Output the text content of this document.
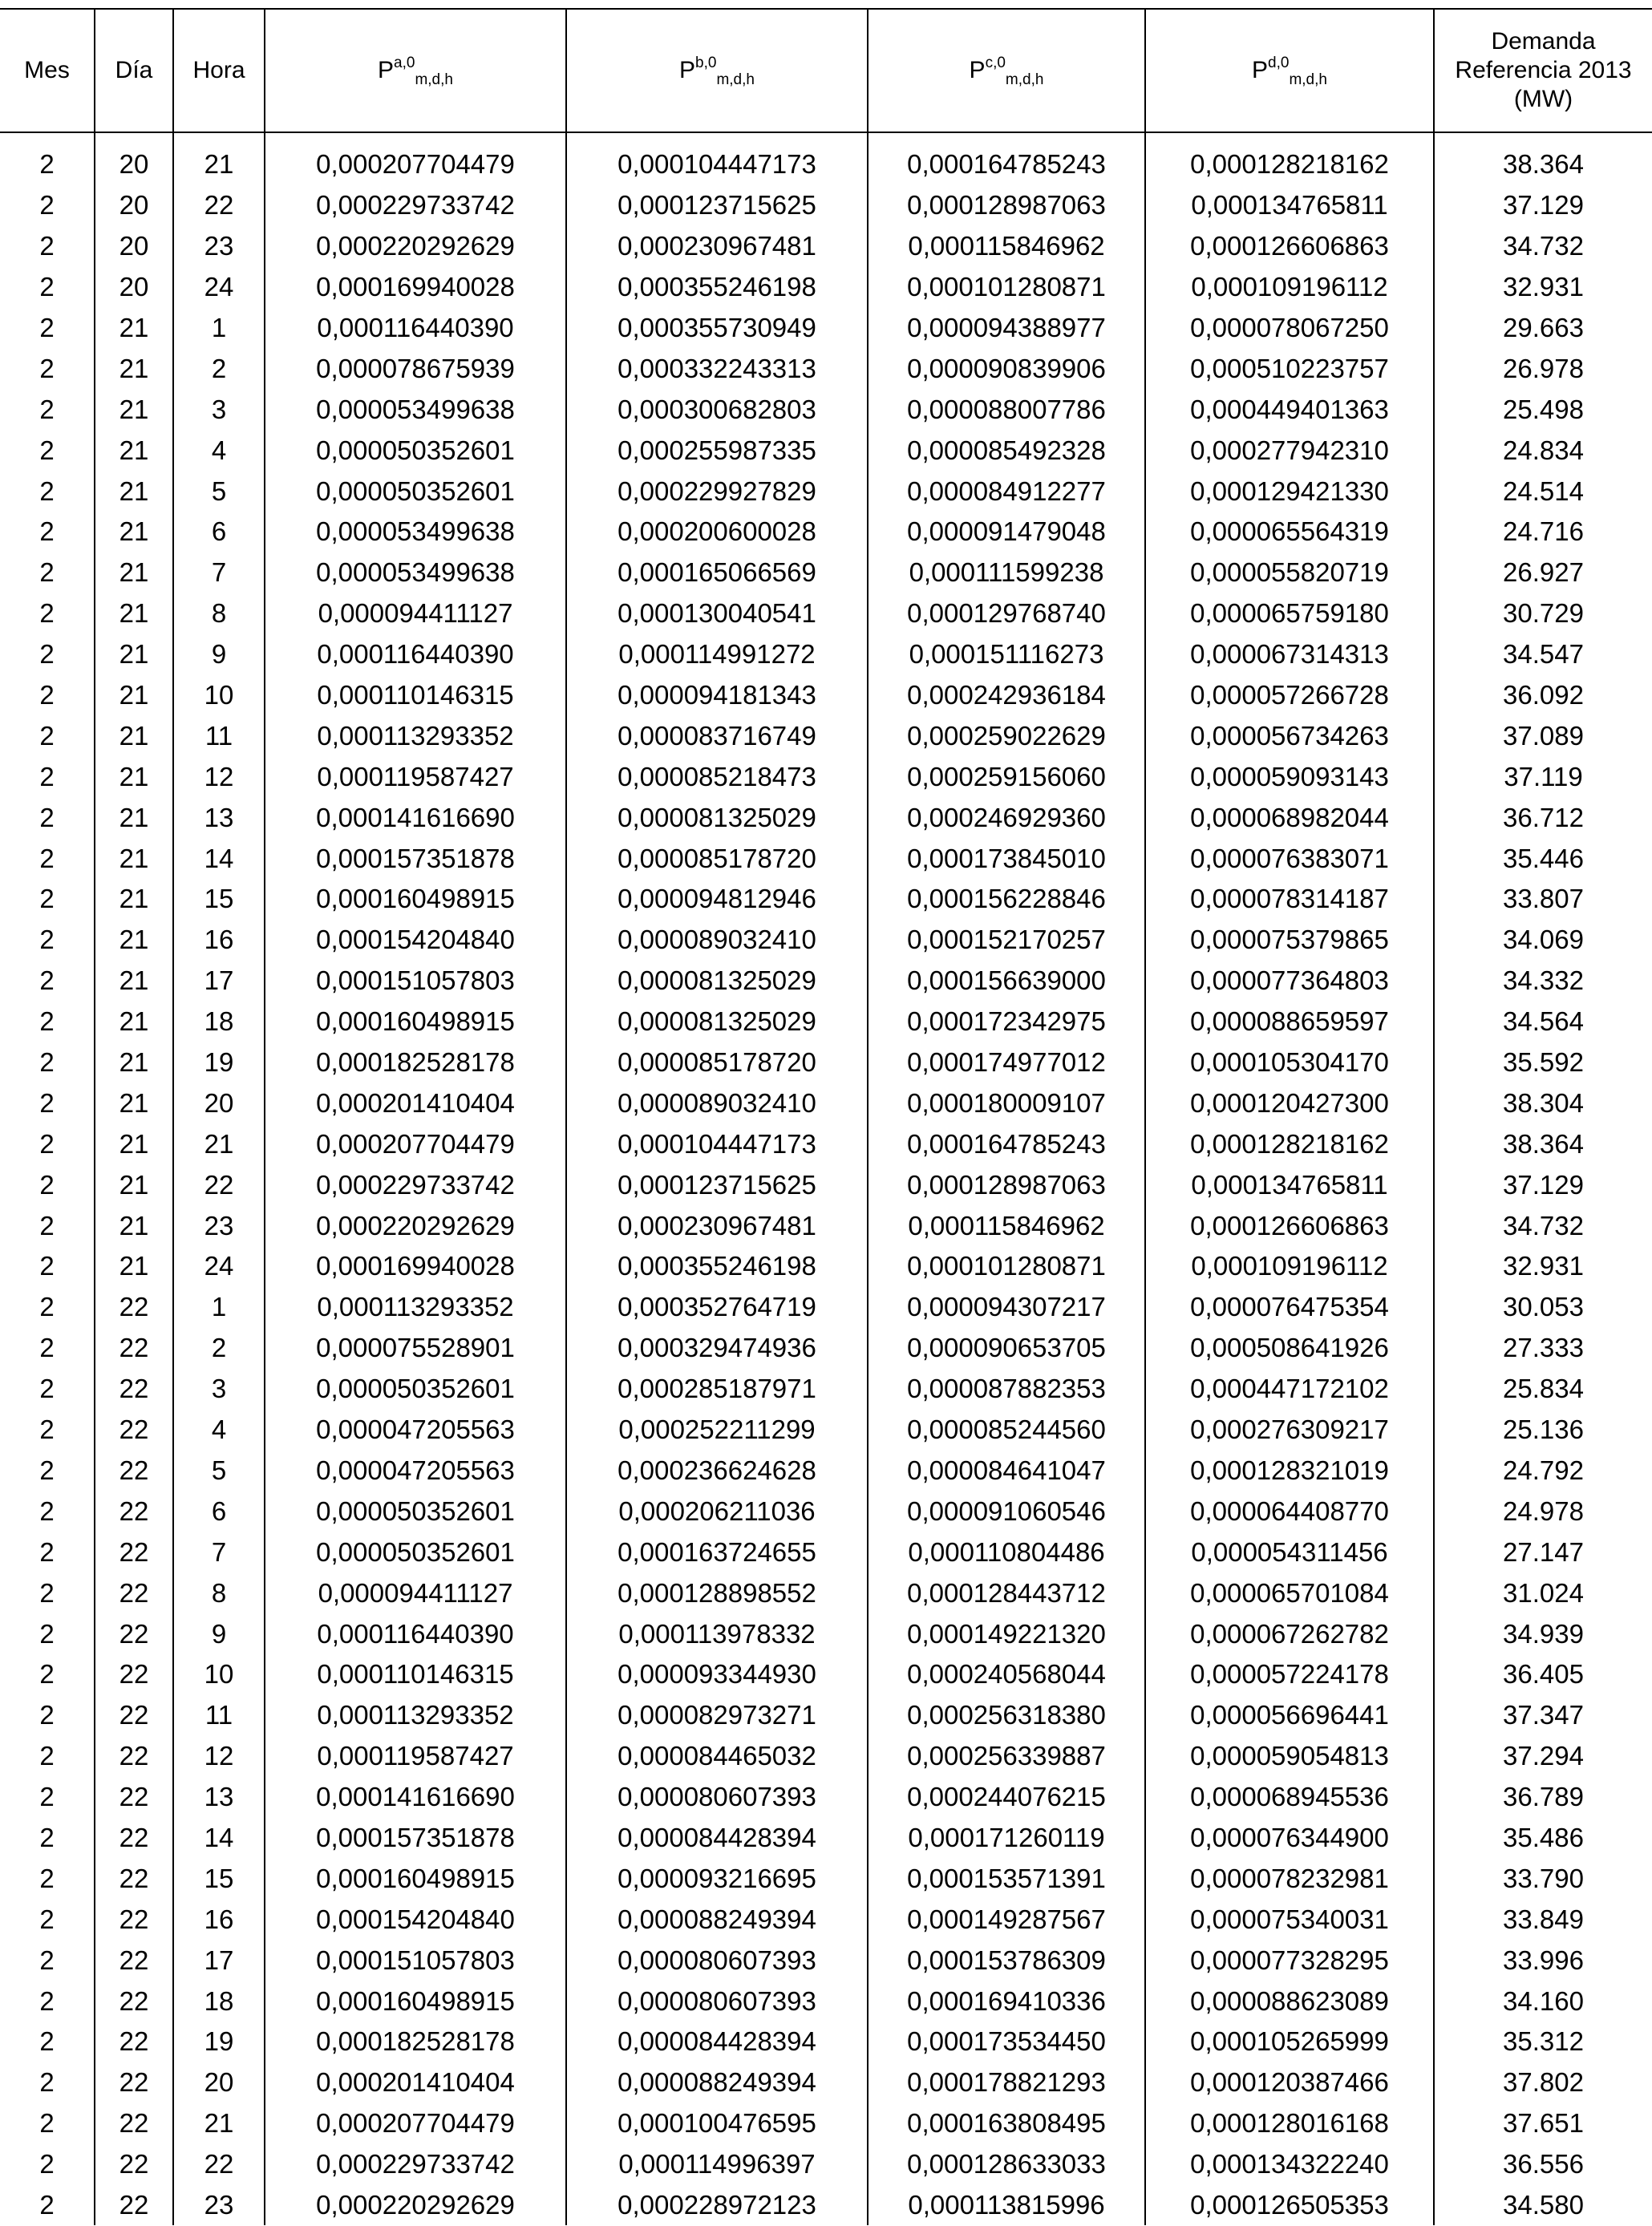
Mes	Día	Hora	P$^{a,0}_{m,d,h}$	P$^{b,0}_{m,d,h}$	P$^{c,0}_{m,d,h}$	P$^{d,0}_{m,d,h}$	Demanda
Referencia 2013
(MW)

2	20	21	0,000207704479	0,000104447173	0,000164785243	0,000128218162	38.364
2	20	22	0,000229733742	0,000123715625	0,000128987063	0,000134765811	37.129
2	20	23	0,000220292629	0,000230967481	0,000115846962	0,000126606863	34.732
2	20	24	0,000169940028	0,000355246198	0,000101280871	0,000109196112	32.931
2	21	1	0,000116440390	0,000355730949	0,000094388977	0,000078067250	29.663
2	21	2	0,000078675939	0,000332243313	0,000090839906	0,000510223757	26.978
2	21	3	0,000053499638	0,000300682803	0,000088007786	0,000449401363	25.498
2	21	4	0,000050352601	0,000255987335	0,000085492328	0,000277942310	24.834
2	21	5	0,000050352601	0,000229927829	0,000084912277	0,000129421330	24.514
2	21	6	0,000053499638	0,000200600028	0,000091479048	0,000065564319	24.716
2	21	7	0,000053499638	0,000165066569	0,000111599238	0,000055820719	26.927
2	21	8	0,000094411127	0,000130040541	0,000129768740	0,000065759180	30.729
2	21	9	0,000116440390	0,000114991272	0,000151116273	0,000067314313	34.547
2	21	10	0,000110146315	0,000094181343	0,000242936184	0,000057266728	36.092
2	21	11	0,000113293352	0,000083716749	0,000259022629	0,000056734263	37.089
2	21	12	0,000119587427	0,000085218473	0,000259156060	0,000059093143	37.119
2	21	13	0,000141616690	0,000081325029	0,000246929360	0,000068982044	36.712
2	21	14	0,000157351878	0,000085178720	0,000173845010	0,000076383071	35.446
2	21	15	0,000160498915	0,000094812946	0,000156228846	0,000078314187	33.807
2	21	16	0,000154204840	0,000089032410	0,000152170257	0,000075379865	34.069
2	21	17	0,000151057803	0,000081325029	0,000156639000	0,000077364803	34.332
2	21	18	0,000160498915	0,000081325029	0,000172342975	0,000088659597	34.564
2	21	19	0,000182528178	0,000085178720	0,000174977012	0,000105304170	35.592
2	21	20	0,000201410404	0,000089032410	0,000180009107	0,000120427300	38.304
2	21	21	0,000207704479	0,000104447173	0,000164785243	0,000128218162	38.364
2	21	22	0,000229733742	0,000123715625	0,000128987063	0,000134765811	37.129
2	21	23	0,000220292629	0,000230967481	0,000115846962	0,000126606863	34.732
2	21	24	0,000169940028	0,000355246198	0,000101280871	0,000109196112	32.931
2	22	1	0,000113293352	0,000352764719	0,000094307217	0,000076475354	30.053
2	22	2	0,000075528901	0,000329474936	0,000090653705	0,000508641926	27.333
2	22	3	0,000050352601	0,000285187971	0,000087882353	0,000447172102	25.834
2	22	4	0,000047205563	0,000252211299	0,000085244560	0,000276309217	25.136
2	22	5	0,000047205563	0,000236624628	0,000084641047	0,000128321019	24.792
2	22	6	0,000050352601	0,000206211036	0,000091060546	0,000064408770	24.978
2	22	7	0,000050352601	0,000163724655	0,000110804486	0,000054311456	27.147
2	22	8	0,000094411127	0,000128898552	0,000128443712	0,000065701084	31.024
2	22	9	0,000116440390	0,000113978332	0,000149221320	0,000067262782	34.939
2	22	10	0,000110146315	0,000093344930	0,000240568044	0,000057224178	36.405
2	22	11	0,000113293352	0,000082973271	0,000256318380	0,000056696441	37.347
2	22	12	0,000119587427	0,000084465032	0,000256339887	0,000059054813	37.294
2	22	13	0,000141616690	0,000080607393	0,000244076215	0,000068945536	36.789
2	22	14	0,000157351878	0,000084428394	0,000171260119	0,000076344900	35.486
2	22	15	0,000160498915	0,000093216695	0,000153571391	0,000078232981	33.790
2	22	16	0,000154204840	0,000088249394	0,000149287567	0,000075340031	33.849
2	22	17	0,000151057803	0,000080607393	0,000153786309	0,000077328295	33.996
2	22	18	0,000160498915	0,000080607393	0,000169410336	0,000088623089	34.160
2	22	19	0,000182528178	0,000084428394	0,000173534450	0,000105265999	35.312
2	22	20	0,000201410404	0,000088249394	0,000178821293	0,000120387466	37.802
2	22	21	0,000207704479	0,000100476595	0,000163808495	0,000128016168	37.651
2	22	22	0,000229733742	0,000114996397	0,000128633033	0,000134322240	36.556
2	22	23	0,000220292629	0,000228972123	0,000113815996	0,000126505353	34.580
